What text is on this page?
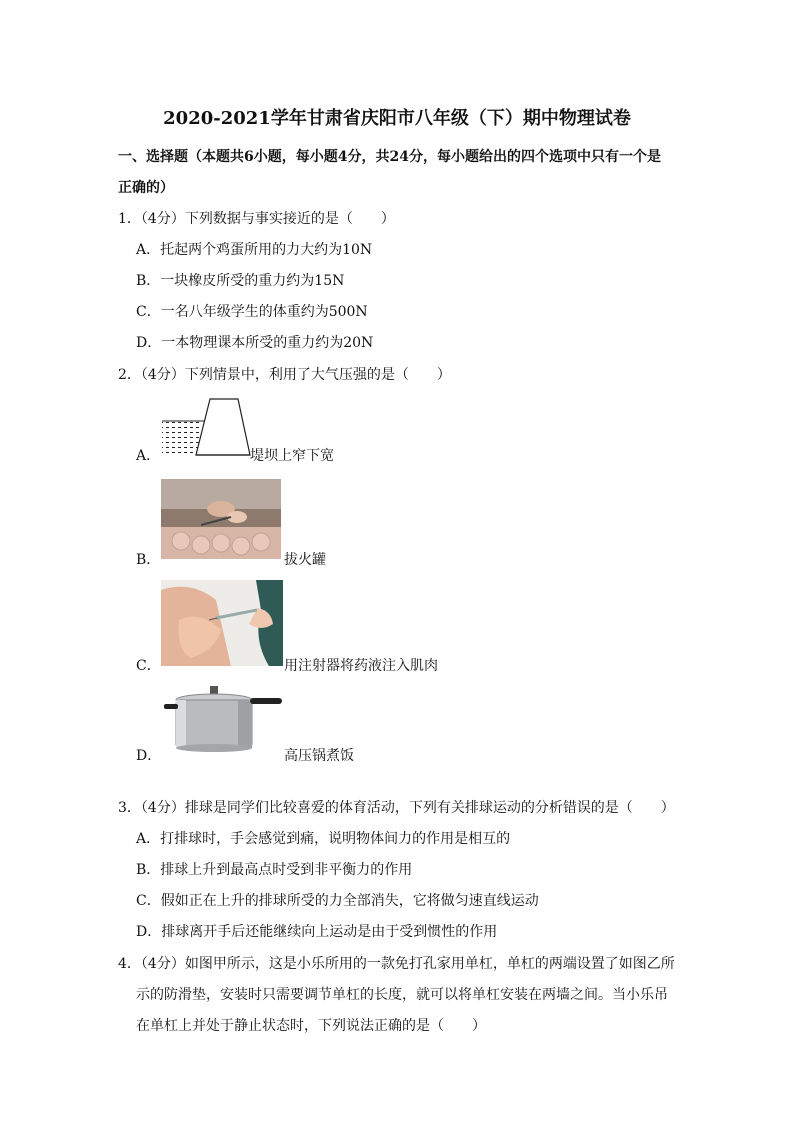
2020-2021学年甘肃省庆阳市八年级（下）期中物理试卷
一、选择题（本题共6小题，每小题4分，共24分，每小题给出的四个选项中只有一个是
正确的）
1．（4分）下列数据与事实接近的是（　　）
A．托起两个鸡蛋所用的力大约为10N
B．一块橡皮所受的重力约为15N
C．一名八年级学生的体重约为500N
D．一本物理课本所受的重力约为20N
2．（4分）下列情景中，利用了大气压强的是（　　）
A．	堤坝上窄下宽
B．	拔火罐
C．	用注射器将药液注入肌肉
D．	高压锅煮饭
3．（4分）排球是同学们比较喜爱的体育活动，下列有关排球运动的分析错误的是（　　）
A．打排球时，手会感觉到痛，说明物体间力的作用是相互的
B．排球上升到最高点时受到非平衡力的作用
C．假如正在上升的排球所受的力全部消失，它将做匀速直线运动
D．排球离开手后还能继续向上运动是由于受到惯性的作用
4．（4分）如图甲所示，这是小乐所用的一款免打孔家用单杠，单杠的两端设置了如图乙所
示的防滑垫，安装时只需要调节单杠的长度，就可以将单杠安装在两墙之间。当小乐吊
在单杠上并处于静止状态时，下列说法正确的是（　　）
